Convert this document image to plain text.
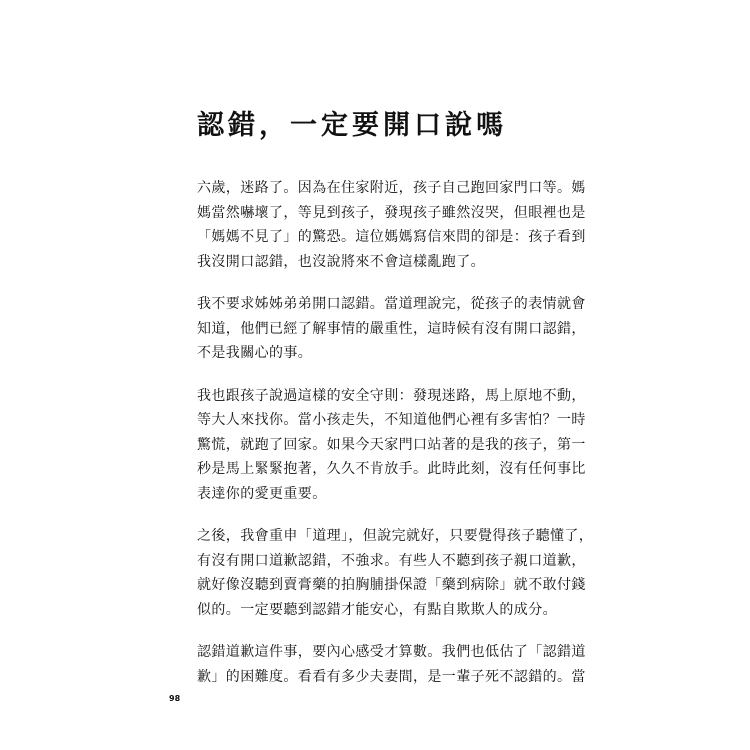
認錯，一定要開口說嗎

六歲，迷路了。因為在住家附近，孩子自己跑回家門口等。媽
媽當然嚇壞了，等見到孩子，發現孩子雖然沒哭，但眼裡也是
「媽媽不見了」的驚恐。這位媽媽寫信來問的卻是：孩子看到
我沒開口認錯，也沒說將來不會這樣亂跑了。

我不要求姊姊弟弟開口認錯。當道理說完，從孩子的表情就會
知道，他們已經了解事情的嚴重性，這時候有沒有開口認錯，
不是我關心的事。

我也跟孩子說過這樣的安全守則：發現迷路，馬上原地不動，
等大人來找你。當小孩走失，不知道他們心裡有多害怕？一時
驚慌，就跑了回家。如果今天家門口站著的是我的孩子，第一
秒是馬上緊緊抱著，久久不肯放手。此時此刻，沒有任何事比
表達你的愛更重要。

之後，我會重申「道理」，但說完就好，只要覺得孩子聽懂了，
有沒有開口道歉認錯，不強求。有些人不聽到孩子親口道歉，
就好像沒聽到賣膏藥的拍胸脯掛保證「藥到病除」就不敢付錢
似的。一定要聽到認錯才能安心，有點自欺欺人的成分。

認錯道歉這件事，要內心感受才算數。我們也低估了「認錯道
歉」的困難度。看看有多少夫妻間，是一輩子死不認錯的。當

98
